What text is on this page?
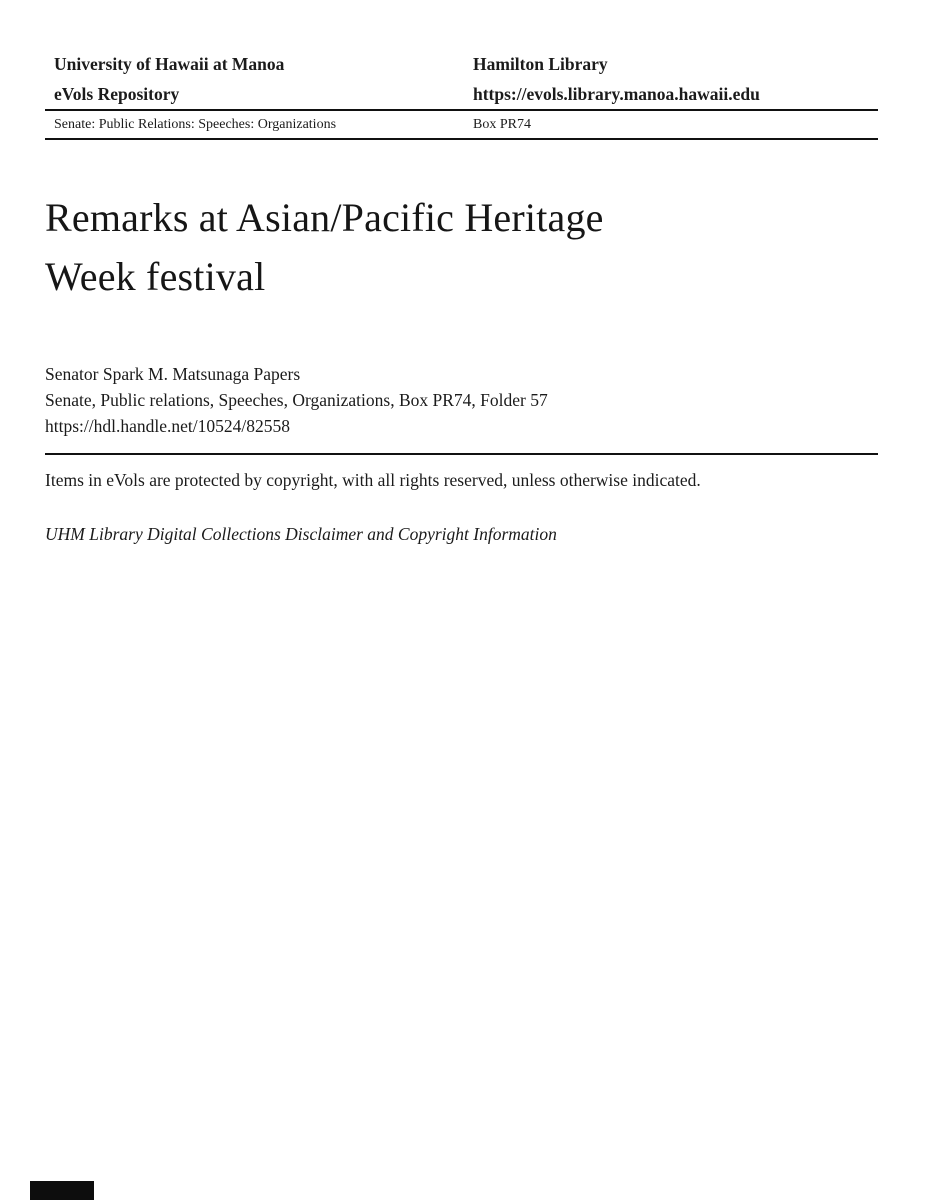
University of Hawaii at Manoa	Hamilton Library
eVols Repository	https://evols.library.manoa.hawaii.edu
Senate: Public Relations: Speeches: Organizations	Box PR74
Remarks at Asian/Pacific Heritage
Week festival
Senator Spark M. Matsunaga Papers
Senate, Public relations, Speeches, Organizations, Box PR74, Folder 57
https://hdl.handle.net/10524/82558

Items in eVols are protected by copyright, with all rights reserved, unless otherwise indicated.

UHM Library Digital Collections Disclaimer and Copyright Information
